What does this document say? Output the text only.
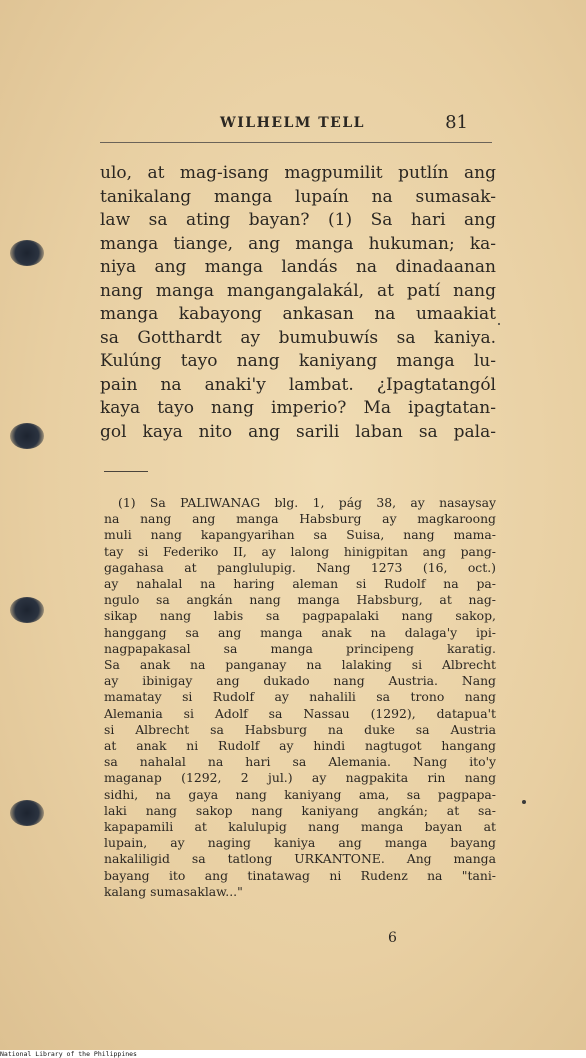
WILHELM TELL	81

ulo, at mag-isang magpumilit putlín ang
tanikalang manga lupaín na sumasak-
law sa ating bayan? (1) Sa hari ang
manga tiange, ang manga hukuman; ka-
niya ang manga landás na dinadaanan
nang manga mangangalakál, at patí nang
manga kabayong ankasan na umaakiat
sa Gotthardt ay bumubuwís sa kaniya.
Kulúng tayo nang kaniyang manga lu-
pain na anaki'y lambat. ¿Ipagtatangól
kaya tayo nang imperio? Ma ipagtatan-
gol kaya nito ang sarili laban sa pala-

(1) Sa PALIWANAG blg. 1, pág 38, ay nasaysay
na nang ang manga Habsburg ay magkaroong
muli nang kapangyarihan sa Suisa, nang mama-
tay si Federiko II, ay lalong hinigpitan ang pang-
gagahasa at panglulupig. Nang 1273 (16, oct.)
ay nahalal na haring aleman si Rudolf na pa-
ngulo sa angkán nang manga Habsburg, at nag-
sikap nang labis sa pagpapalaki nang sakop,
hanggang sa ang manga anak na dalaga'y ipi-
nagpapakasal sa manga principeng karatig.
Sa anak na panganay na lalaking si Albrecht
ay ibinigay ang dukado nang Austria. Nang
mamatay si Rudolf ay nahalili sa trono nang
Alemania si Adolf sa Nassau (1292), datapua't
si Albrecht sa Habsburg na duke sa Austria
at anak ni Rudolf ay hindi nagtugot hangang
sa nahalal na hari sa Alemania. Nang ito'y
maganap (1292, 2 jul.) ay nagpakita rin nang
sidhi, na gaya nang kaniyang ama, sa pagpapa-
laki nang sakop nang kaniyang angkán; at sa-
kapapamili at kalulupig nang manga bayan at
lupain, ay naging kaniya ang manga bayang
nakaliligid sa tatlong URKANTONE. Ang manga
bayang ito ang tinatawag ni Rudenz na "tani-
kalang sumasaklaw..."

6
National Library of the Philippines
